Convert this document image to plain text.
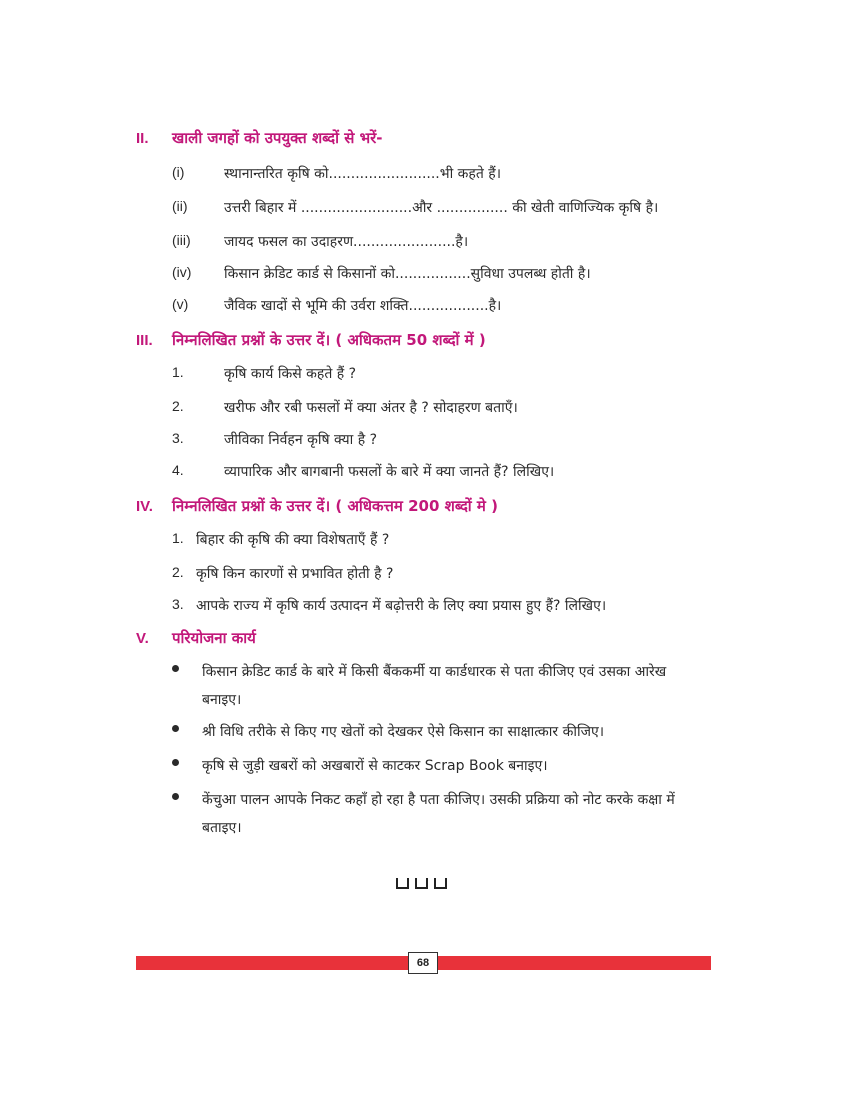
II. खाली जगहों को उपयुक्त शब्दों से भरें-
(i)	स्थानान्तरित कृषि को.........................भी कहते हैं।
(ii)	उत्तरी बिहार में .........................और ................ की खेती वाणिज्यिक कृषि है।
(iii) जायद फसल का उदाहरण.......................है।
(iv) किसान क्रेडिट कार्ड से किसानों को.................सुविधा उपलब्ध होती है।
(v)	जैविक खादों से भूमि की उर्वरा शक्ति..................है।
III. निम्नलिखित प्रश्नों के उत्तर दें। ( अधिकतम 50 शब्दों में )
1.	कृषि कार्य किसे कहते हैं ?
2.	खरीफ और रबी फसलों में क्या अंतर है ? सोदाहरण बताएँ।
3.	जीविका निर्वहन कृषि क्या है ?
4.	व्यापारिक और बागबानी फसलों के बारे में क्या जानते हैं? लिखिए।
IV. निम्नलिखित प्रश्नों के उत्तर दें। ( अधिकत्तम 200 शब्दों मे )
1. बिहार की कृषि की क्या विशेषताएँ हैं ?
2. कृषि किन कारणों से प्रभावित होती है ?
3. आपके राज्य में कृषि कार्य उत्पादन में बढ़ोत्तरी के लिए क्या प्रयास हुए हैं? लिखिए।
V. परियोजना कार्य
किसान क्रेडिट कार्ड के बारे में किसी बैंककर्मी या कार्डधारक से पता कीजिए एवं उसका आरेख बनाइए।
श्री विधि तरीके से किए गए खेतों को देखकर ऐसे किसान का साक्षात्कार कीजिए।
कृषि से जुड़ी खबरों को अखबारों से काटकर Scrap Book बनाइए।
केंचुआ पालन आपके निकट कहाँ हो रहा है पता कीजिए। उसकी प्रक्रिया को नोट करके कक्षा में बताइए।
68
